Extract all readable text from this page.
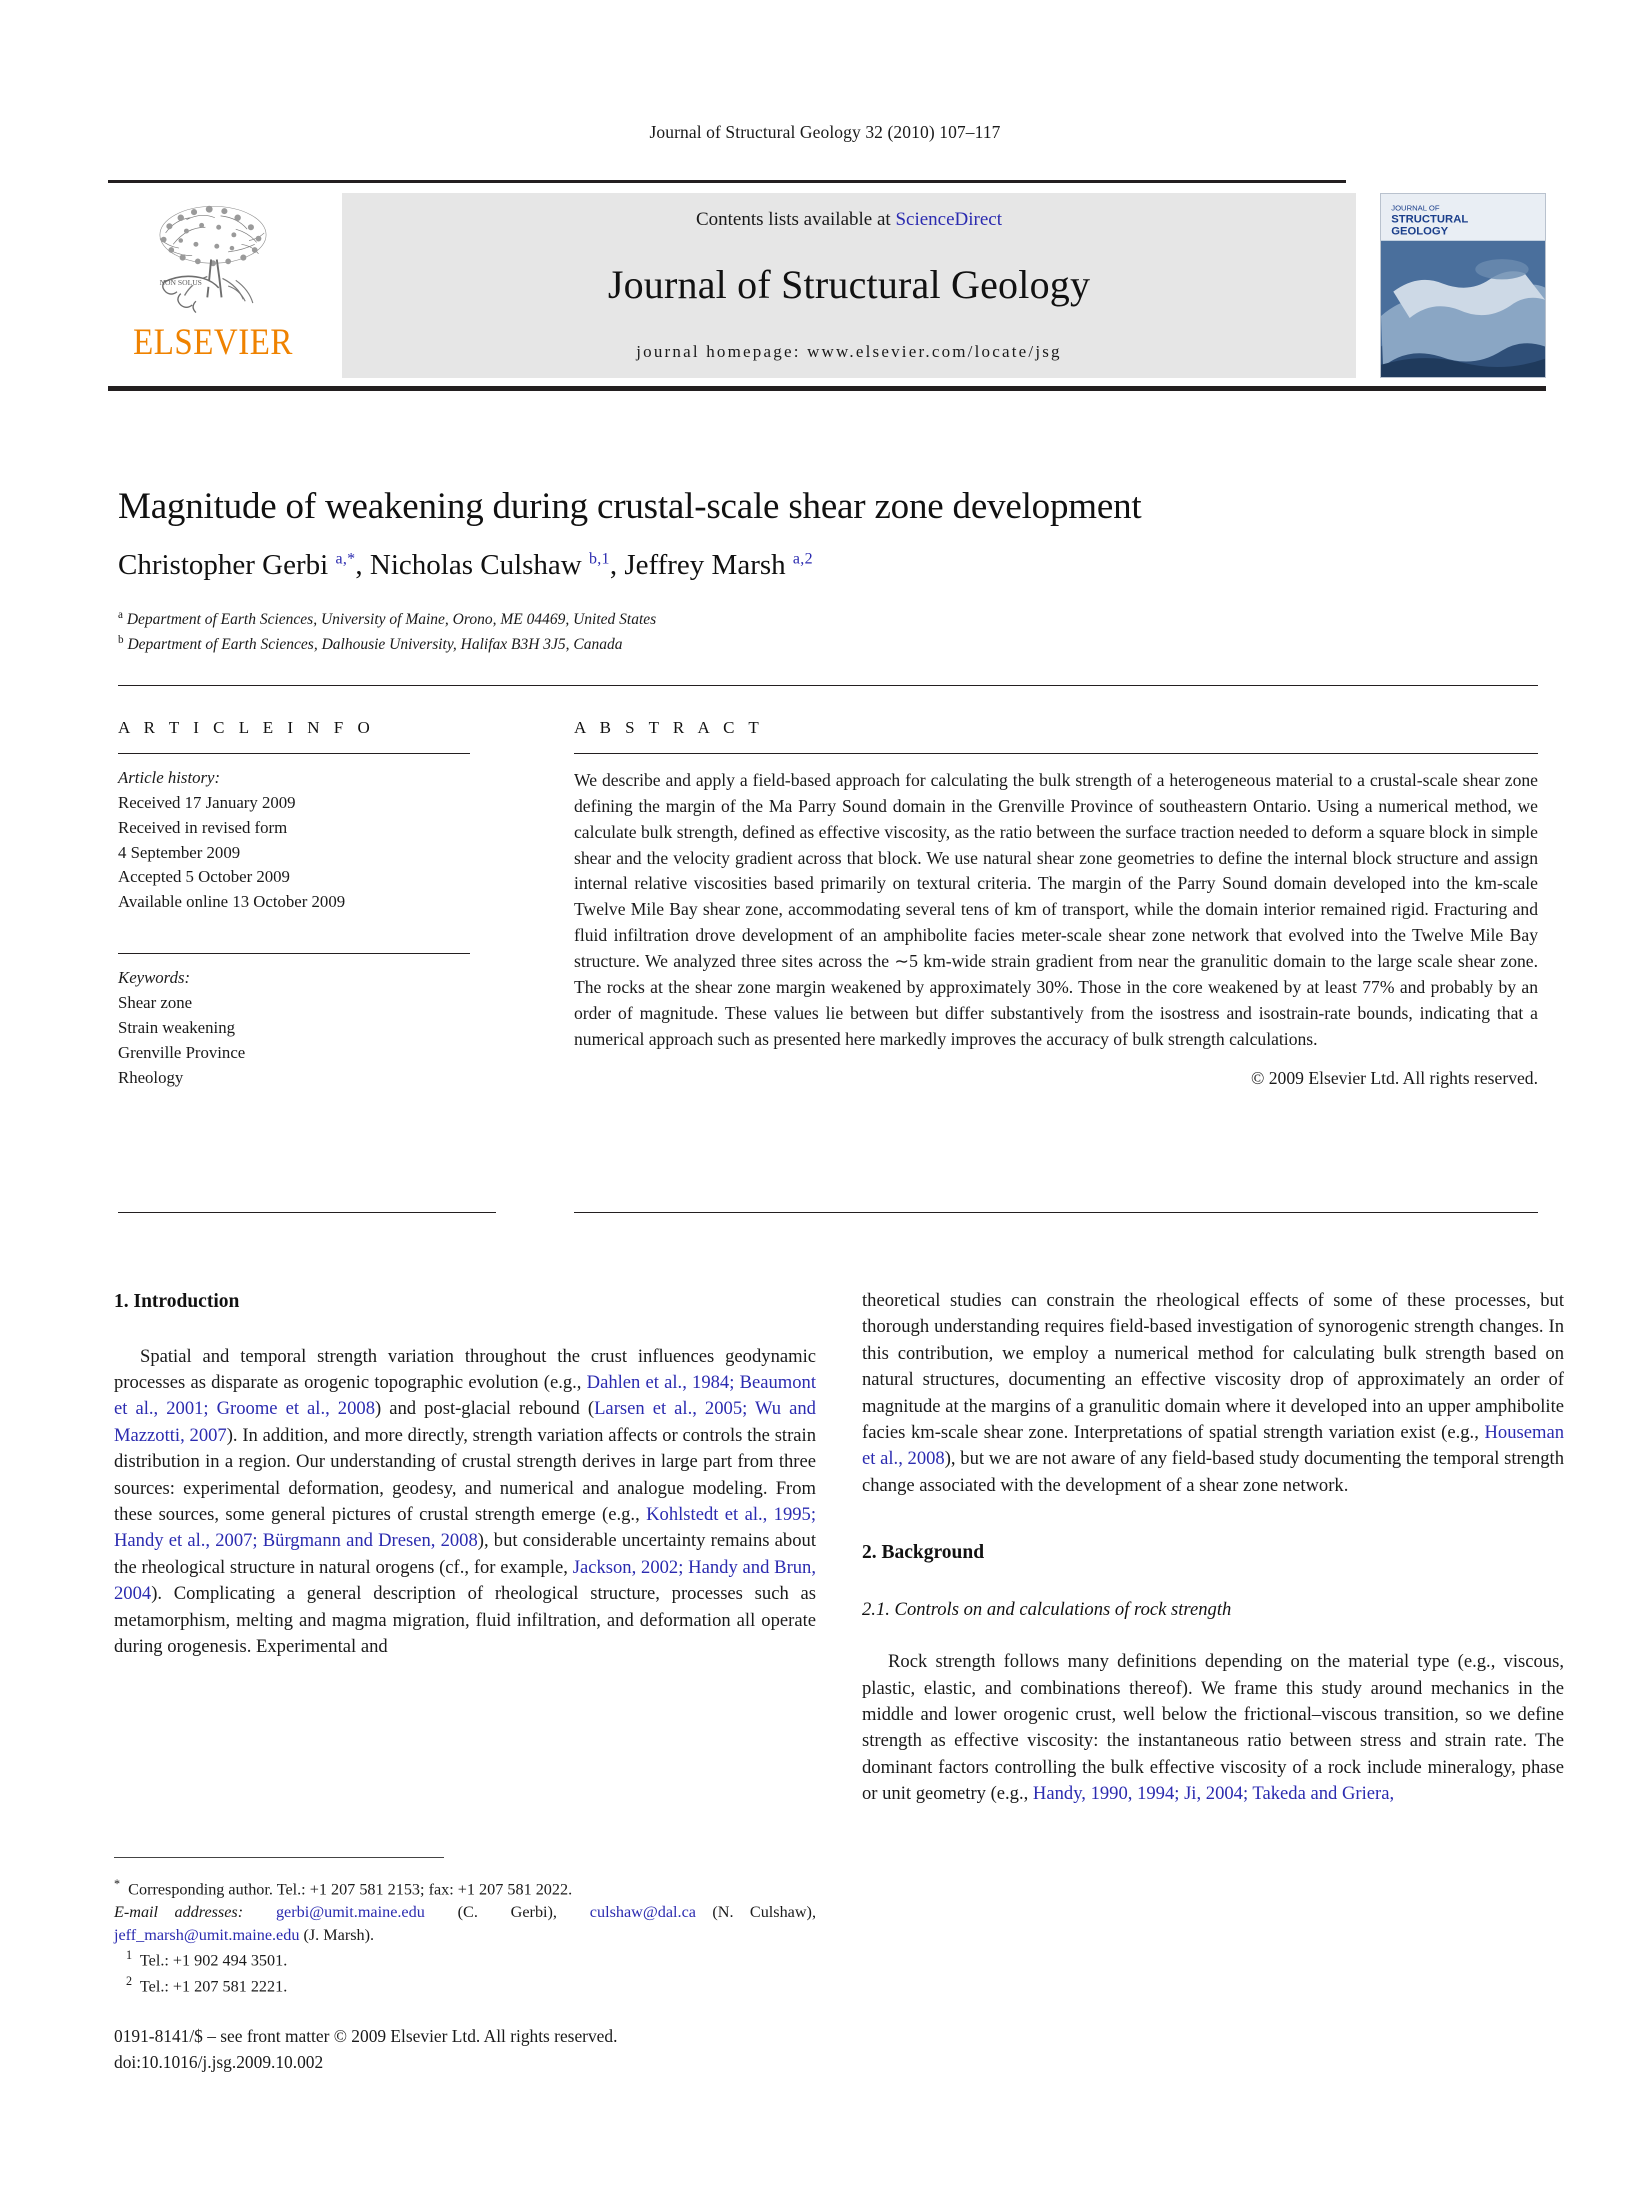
Journal of Structural Geology 32 (2010) 107–117
NON SOLUS
ELSEVIER
Contents lists available at ScienceDirect
Journal of Structural Geology
journal homepage: www.elsevier.com/locate/jsg
JOURNAL OF
STRUCTURAL
GEOLOGY
Magnitude of weakening during crustal-scale shear zone development
Christopher Gerbi $^{a,*}$, Nicholas Culshaw $^{b,1}$, Jeffrey Marsh $^{a,2}$
$^a$ Department of Earth Sciences, University of Maine, Orono, ME 04469, United States
$^b$ Department of Earth Sciences, Dalhousie University, Halifax B3H 3J5, Canada
A R T I C L E I N F O
Article history:
Received 17 January 2009
Received in revised form
4 September 2009
Accepted 5 October 2009
Available online 13 October 2009
Keywords:
Shear zone
Strain weakening
Grenville Province
Rheology
A B S T R A C T
We describe and apply a field-based approach for calculating the bulk strength of a heterogeneous material to a crustal-scale shear zone defining the margin of the Ma Parry Sound domain in the Grenville Province of southeastern Ontario. Using a numerical method, we calculate bulk strength, defined as effective viscosity, as the ratio between the surface traction needed to deform a square block in simple shear and the velocity gradient across that block. We use natural shear zone geometries to define the internal block structure and assign internal relative viscosities based primarily on textural criteria. The margin of the Parry Sound domain developed into the km-scale Twelve Mile Bay shear zone, accommodating several tens of km of transport, while the domain interior remained rigid. Fracturing and fluid infiltration drove development of an amphibolite facies meter-scale shear zone network that evolved into the Twelve Mile Bay structure. We analyzed three sites across the ∼5 km-wide strain gradient from near the granulitic domain to the large scale shear zone. The rocks at the shear zone margin weakened by approximately 30%. Those in the core weakened by at least 77% and probably by an order of magnitude. These values lie between but differ substantively from the isostress and isostrain-rate bounds, indicating that a numerical approach such as presented here markedly improves the accuracy of bulk strength calculations.
© 2009 Elsevier Ltd. All rights reserved.
1. Introduction

Spatial and temporal strength variation throughout the crust influences geodynamic processes as disparate as orogenic topographic evolution (e.g., Dahlen et al., 1984; Beaumont et al., 2001; Groome et al., 2008) and post-glacial rebound (Larsen et al., 2005; Wu and Mazzotti, 2007). In addition, and more directly, strength variation affects or controls the strain distribution in a region. Our understanding of crustal strength derives in large part from three sources: experimental deformation, geodesy, and numerical and analogue modeling. From these sources, some general pictures of crustal strength emerge (e.g., Kohlstedt et al., 1995; Handy et al., 2007; Bürgmann and Dresen, 2008), but considerable uncertainty remains about the rheological structure in natural orogens (cf., for example, Jackson, 2002; Handy and Brun, 2004). Complicating a general description of rheological structure, processes such as metamorphism, melting and magma migration, fluid infiltration, and deformation all operate during orogenesis. Experimental and

theoretical studies can constrain the rheological effects of some of these processes, but thorough understanding requires field-based investigation of synorogenic strength changes. In this contribution, we employ a numerical method for calculating bulk strength based on natural structures, documenting an effective viscosity drop of approximately an order of magnitude at the margins of a granulitic domain where it developed into an upper amphibolite facies km-scale shear zone. Interpretations of spatial strength variation exist (e.g., Houseman et al., 2008), but we are not aware of any field-based study documenting the temporal strength change associated with the development of a shear zone network.

2. Background
2.1. Controls on and calculations of rock strength

Rock strength follows many definitions depending on the material type (e.g., viscous, plastic, elastic, and combinations thereof). We frame this study around mechanics in the middle and lower orogenic crust, well below the frictional–viscous transition, so we define strength as effective viscosity: the instantaneous ratio between stress and strain rate. The dominant factors controlling the bulk effective viscosity of a rock include mineralogy, phase or unit geometry (e.g., Handy, 1990, 1994; Ji, 2004; Takeda and Griera,

*  Corresponding author. Tel.: +1 207 581 2153; fax: +1 207 581 2022.

E-mail addresses: gerbi@umit.maine.edu  (C.  Gerbi),  culshaw@dal.ca (N. Culshaw), jeff_marsh@umit.maine.edu (J. Marsh).

$^1$  Tel.: +1 902 494 3501.

$^2$  Tel.: +1 207 581 2221.

0191-8141/$ – see front matter © 2009 Elsevier Ltd. All rights reserved.
doi:10.1016/j.jsg.2009.10.002
